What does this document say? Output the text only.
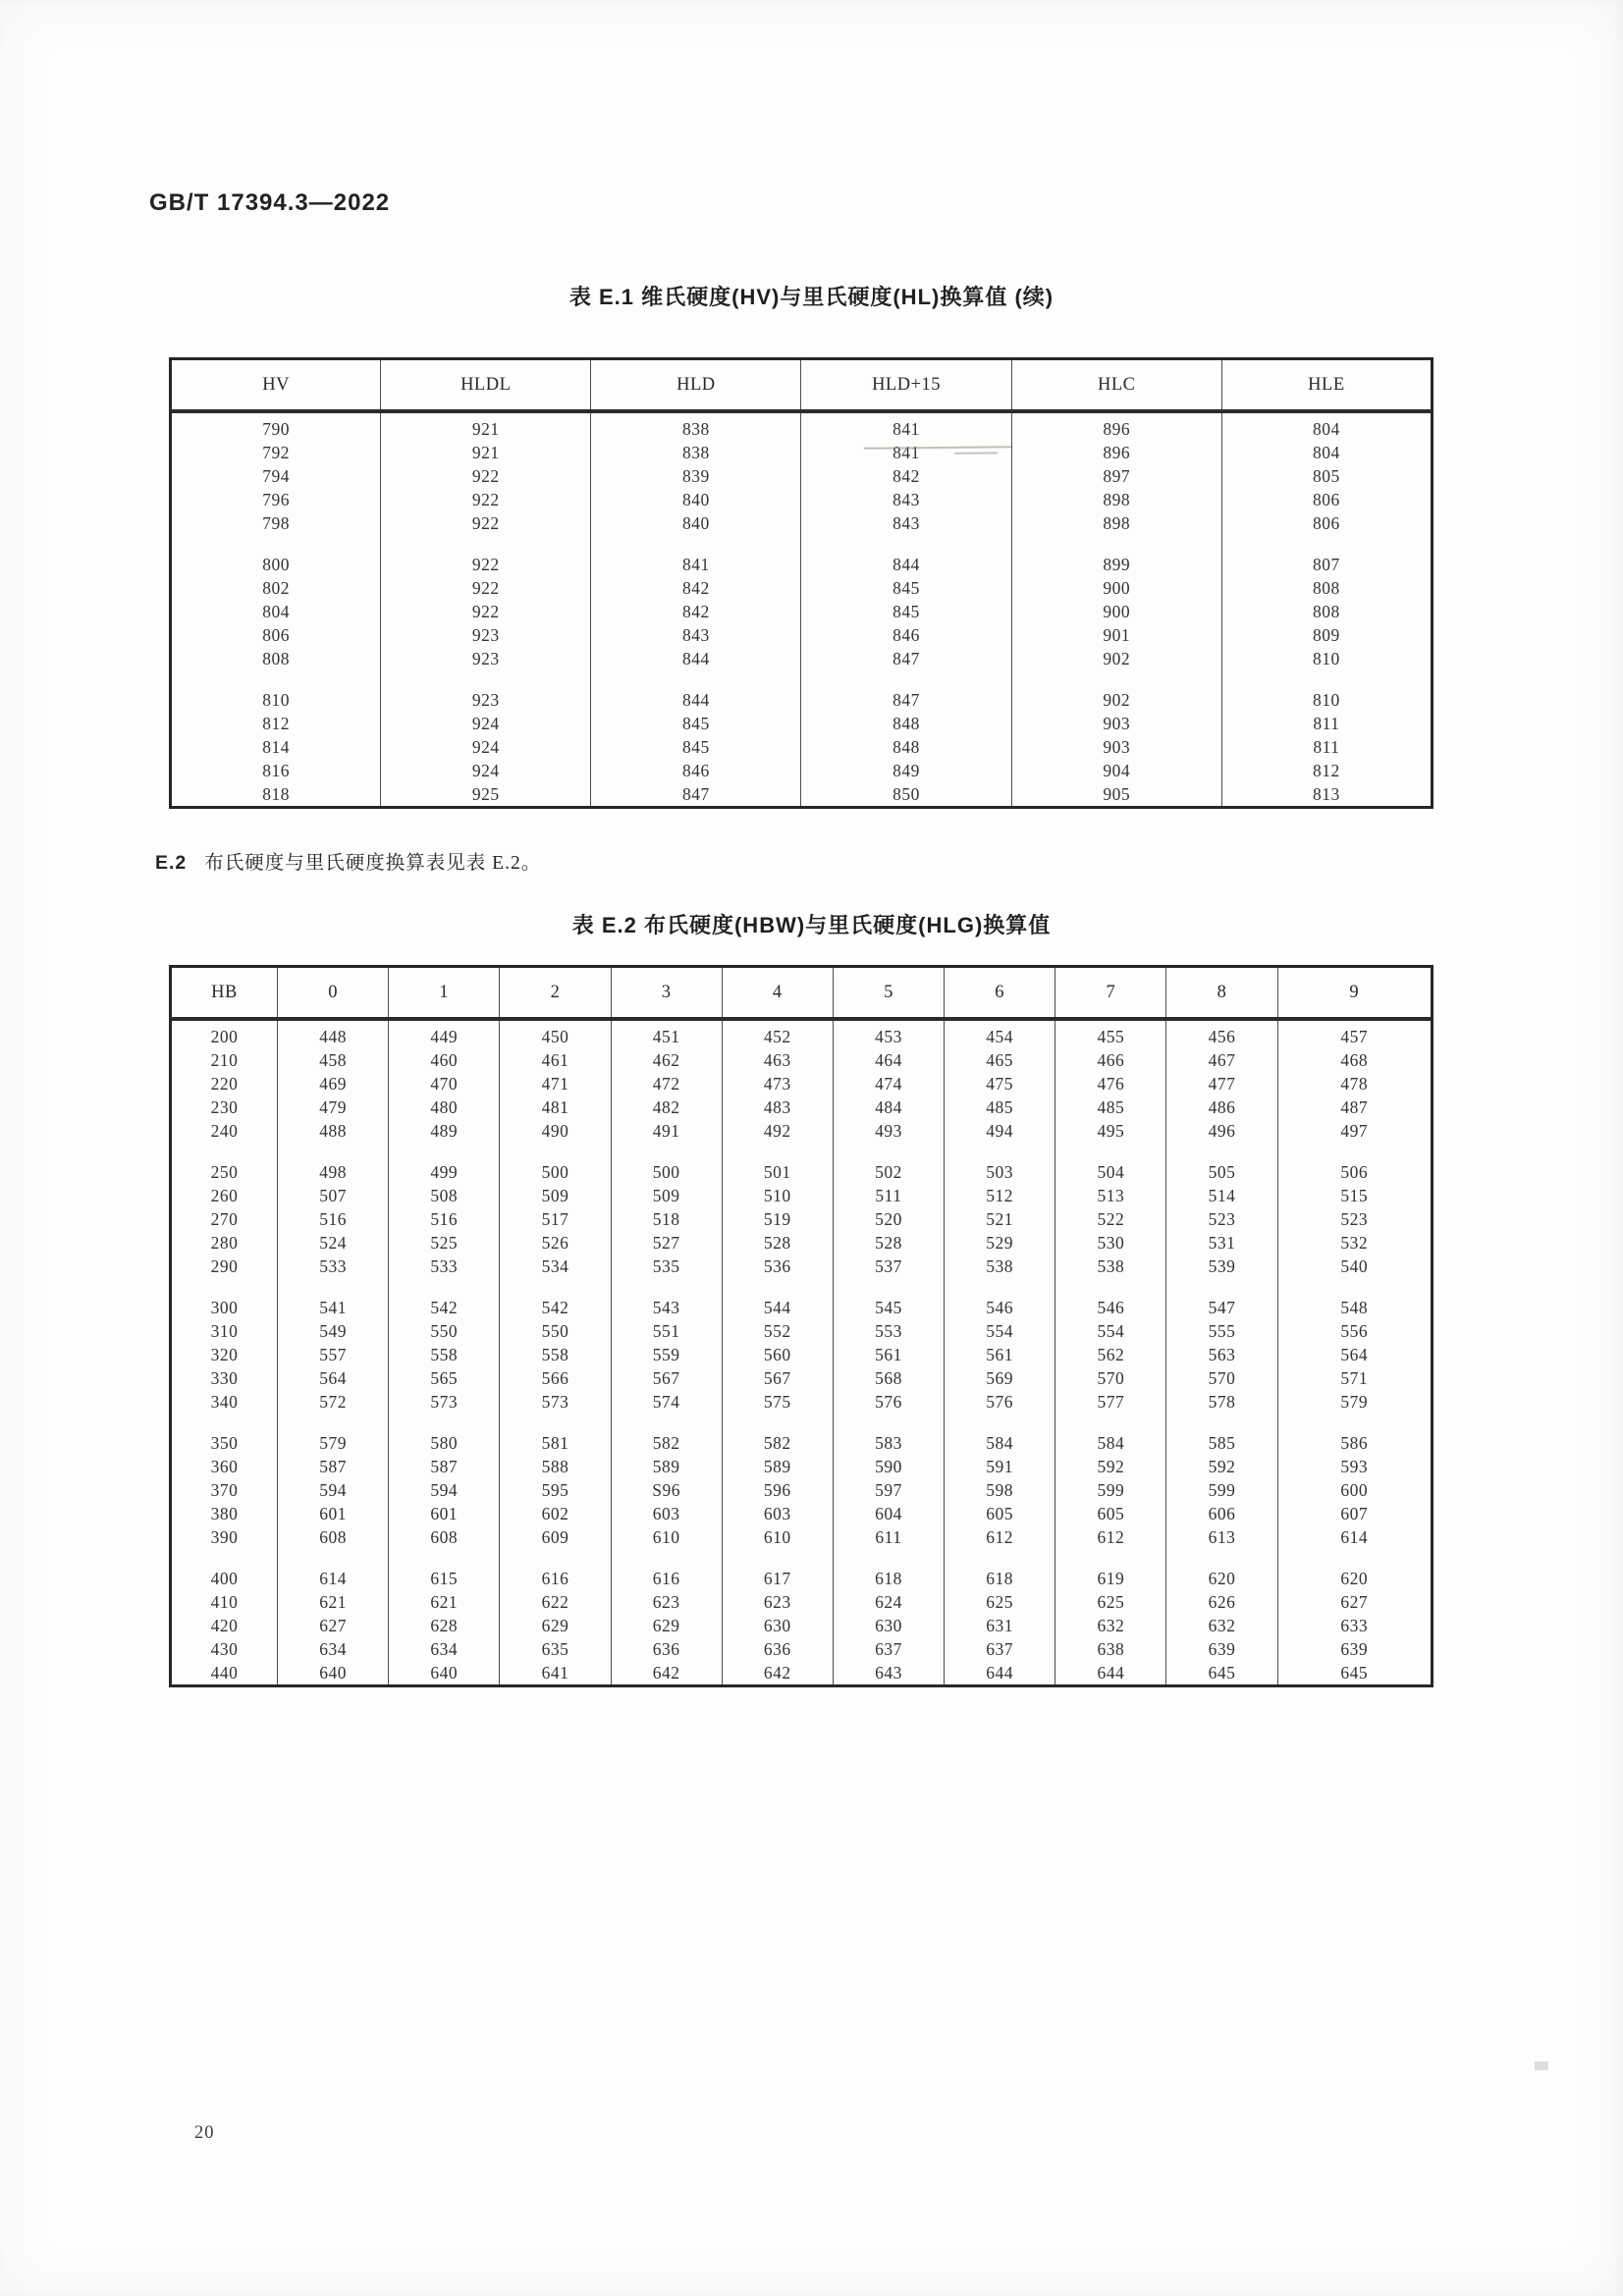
GB/T 17394.3—2022
表 E.1 维氏硬度(HV)与里氏硬度(HL)换算值 (续)
HV	HLDL	HLD	HLD+15	HLC	HLE
790	921	838	841	896	804
792	921	838	841	896	804
794	922	839	842	897	805
796	922	840	843	898	806
798	922	840	843	898	806

800	922	841	844	899	807
802	922	842	845	900	808
804	922	842	845	900	808
806	923	843	846	901	809
808	923	844	847	902	810

810	923	844	847	902	810
812	924	845	848	903	811
814	924	845	848	903	811
816	924	846	849	904	812
818	925	847	850	905	813

E.2 布氏硬度与里氏硬度换算表见表 E.2。

表 E.2 布氏硬度(HBW)与里氏硬度(HLG)换算值
HB	0	1	2	3	4	5	6	7	8	9
200	448	449	450	451	452	453	454	455	456	457
210	458	460	461	462	463	464	465	466	467	468
220	469	470	471	472	473	474	475	476	477	478
230	479	480	481	482	483	484	485	485	486	487
240	488	489	490	491	492	493	494	495	496	497

250	498	499	500	500	501	502	503	504	505	506
260	507	508	509	509	510	511	512	513	514	515
270	516	516	517	518	519	520	521	522	523	523
280	524	525	526	527	528	528	529	530	531	532
290	533	533	534	535	536	537	538	538	539	540

300	541	542	542	543	544	545	546	546	547	548
310	549	550	550	551	552	553	554	554	555	556
320	557	558	558	559	560	561	561	562	563	564
330	564	565	566	567	567	568	569	570	570	571
340	572	573	573	574	575	576	576	577	578	579

350	579	580	581	582	582	583	584	584	585	586
360	587	587	588	589	589	590	591	592	592	593
370	594	594	595	S96	596	597	598	599	599	600
380	601	601	602	603	603	604	605	605	606	607
390	608	608	609	610	610	611	612	612	613	614

400	614	615	616	616	617	618	618	619	620	620
410	621	621	622	623	623	624	625	625	626	627
420	627	628	629	629	630	630	631	632	632	633
430	634	634	635	636	636	637	637	638	639	639
440	640	640	641	642	642	643	644	644	645	645
20
